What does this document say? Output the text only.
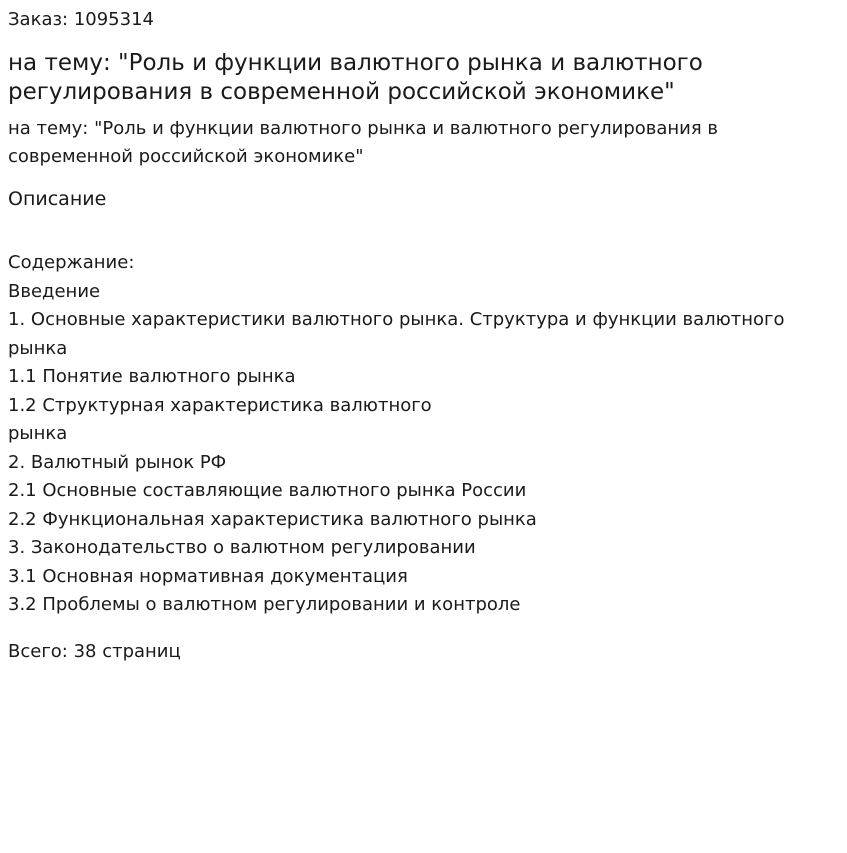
Заказ: 1095314
на тему: "Роль и функции валютного рынка и валютного регулирования в современной российской экономике"
на тему: "Роль и функции валютного рынка и валютного регулирования в современной российской экономике"
Описание
Содержание:
Введение
1. Основные характеристики валютного рынка. Структура и функции валютного рынка
1.1 Понятие валютного рынка
1.2 Структурная характеристика валютного
рынка
2. Валютный рынок РФ
2.1 Основные составляющие валютного рынка России
2.2 Функциональная характеристика валютного рынка
3. Законодательство о валютном регулировании
3.1 Основная нормативная документация
3.2 Проблемы о валютном регулировании и контроле
Всего: 38 страниц
